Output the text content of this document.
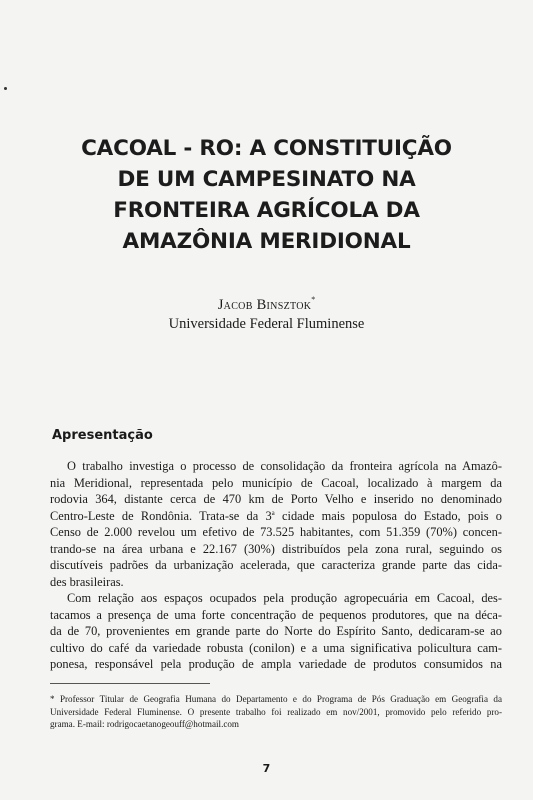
CACOAL - RO: A CONSTITUIÇÃO
DE UM CAMPESINATO NA
FRONTEIRA AGRÍCOLA DA
AMAZÔNIA MERIDIONAL
Jacob Binsztok*
Universidade Federal Fluminense
Apresentação
O trabalho investiga o processo de consolidação da fronteira agrícola na Amazô-
nia Meridional, representada pelo município de Cacoal, localizado à margem da
rodovia 364, distante cerca de 470 km de Porto Velho e inserido no denominado
Centro-Leste de Rondônia. Trata-se da 3$^a$ cidade mais populosa do Estado, pois o
Censo de 2.000 revelou um efetivo de 73.525 habitantes, com 51.359 (70%) concen-
trando-se na área urbana e 22.167 (30%) distribuídos pela zona rural, seguindo os
discutíveis padrões da urbanização acelerada, que caracteriza grande parte das cida-
des brasileiras.
Com relação aos espaços ocupados pela produção agropecuária em Cacoal, des-
tacamos a presença de uma forte concentração de pequenos produtores, que na déca-
da de 70, provenientes em grande parte do Norte do Espírito Santo, dedicaram-se ao
cultivo do café da variedade robusta (conilon) e a uma significativa policultura cam-
ponesa, responsável pela produção de ampla variedade de produtos consumidos na
* Professor Titular de Geografia Humana do Departamento e do Programa de Pós Graduação em Geografia da
Universidade Federal Fluminense. O presente trabalho foi realizado em nov/2001, promovido pelo referido pro-
grama. E-mail: rodrigocaetanogeouff@hotmail.com
7
